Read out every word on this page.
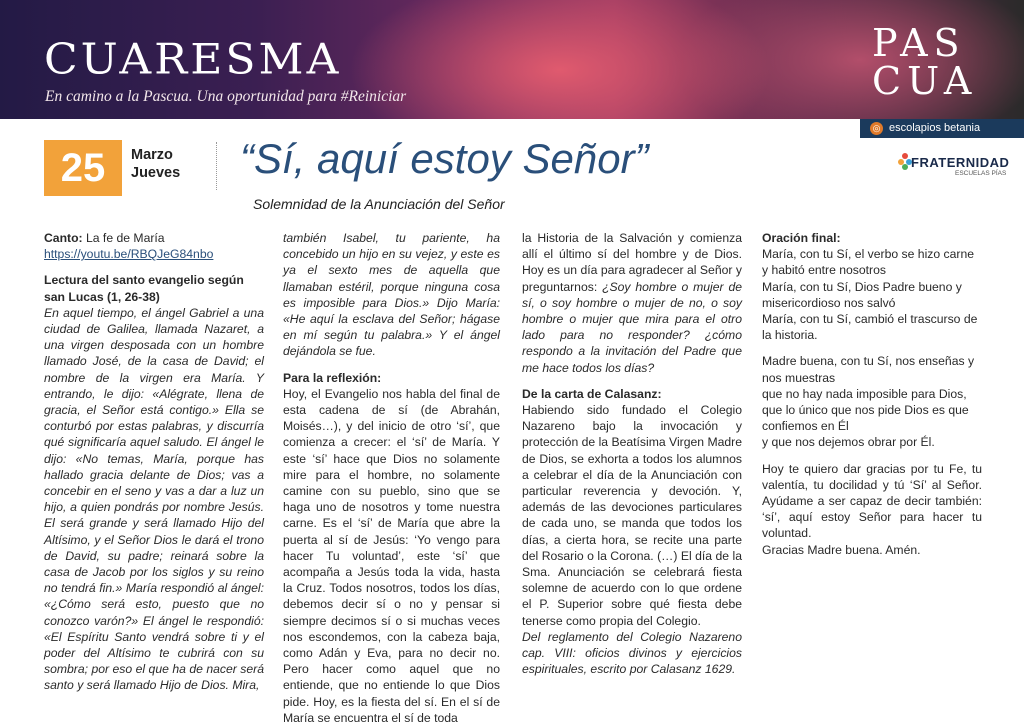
CUARESMA
En camino a la Pascua. Una oportunidad para #Reiniciar
PAS
CUA
◎ escolapios betania
FRATERNIDAD
ESCUELAS PÍAS
25	Marzo
Jueves “Sí, aquí estoy Señor”
Solemnidad de la Anunciación del Señor

Canto: La fe de María

https://youtu.be/RBQJeG84nbo

Lectura del santo evangelio según san Lucas (1, 26-38)

En aquel tiempo, el ángel Gabriel a una ciudad de Galilea, llamada Nazaret, a una virgen desposada con un hombre llamado José, de la casa de David; el nombre de la virgen era María. Y entrando, le dijo: «Alégrate, llena de gracia, el Señor está contigo.» Ella se conturbó por estas palabras, y discurría qué significaría aquel saludo. El ángel le dijo: «No temas, María, porque has hallado gracia delante de Dios; vas a concebir en el seno y vas a dar a luz un hijo, a quien pondrás por nombre Jesús. El será grande y será llamado Hijo del Altísimo, y el Señor Dios le dará el trono de David, su padre; reinará sobre la casa de Jacob por los siglos y su reino no tendrá fin.» María respondió al ángel: «¿Cómo será esto, puesto que no conozco varón?» El ángel le respondió: «El Espíritu Santo vendrá sobre ti y el poder del Altísimo te cubrirá con su sombra; por eso el que ha de nacer será santo y será llamado Hijo de Dios. Mira,

también Isabel, tu pariente, ha concebido un hijo en su vejez, y este es ya el sexto mes de aquella que llamaban estéril, porque ninguna cosa es imposible para Dios.» Dijo María: «He aquí la esclava del Señor; hágase en mí según tu palabra.» Y el ángel dejándola se fue.

Para la reflexión:

Hoy, el Evangelio nos habla del final de esta cadena de sí (de Abrahán, Moisés…), y del inicio de otro ‘sí’, que comienza a crecer: el ‘sí’ de María. Y este ‘sí’ hace que Dios no solamente mire para el hombre, no solamente camine con su pueblo, sino que se haga uno de nosotros y tome nuestra carne. Es el ‘sí’ de María que abre la puerta al sí de Jesús: ‘Yo vengo para hacer Tu voluntad’, este ‘sí’ que acompaña a Jesús toda la vida, hasta la Cruz. Todos nosotros, todos los días, debemos decir sí o no y pensar si siempre decimos sí o si muchas veces nos escondemos, con la cabeza baja, como Adán y Eva, para no decir no. Pero hacer como aquel que no entiende, que no entiende lo que Dios pide. Hoy, es la fiesta del sí. En el sí de María se encuentra el sí de toda

la Historia de la Salvación y comienza allí el último sí del hombre y de Dios. Hoy es un día para agradecer al Señor y preguntarnos: ¿Soy hombre o mujer de sí, o soy hombre o mujer de no, o soy hombre o mujer que mira para el otro lado para no responder? ¿cómo respondo a la invitación del Padre que me hace todos los días?

De la carta de Calasanz:

Habiendo sido fundado el Colegio Nazareno bajo la invocación y protección de la Beatísima Virgen Madre de Dios, se exhorta a todos los alumnos a celebrar el día de la Anunciación con particular reverencia y devoción. Y, además de las devociones particulares de cada uno, se manda que todos los días, a cierta hora, se recite una parte del Rosario o la Corona. (…) El día de la Sma. Anunciación se celebrará fiesta solemne de acuerdo con lo que ordene el P. Superior sobre qué fiesta debe tenerse como propia del Colegio.

Del reglamento del Colegio Nazareno cap. VIII: oficios divinos y ejercicios espirituales, escrito por Calasanz 1629.

Oración final:

María, con tu Sí, el verbo se hizo carne y habitó entre nosotros

María, con tu Sí, Dios Padre bueno y misericordioso nos salvó

María, con tu Sí, cambió el trascurso de la historia.

Madre buena, con tu Sí, nos enseñas y nos muestras

que no hay nada imposible para Dios,

que lo único que nos pide Dios es que confiemos en Él

y que nos dejemos obrar por Él.

Hoy te quiero dar gracias por tu Fe, tu valentía, tu docilidad y tú ‘Sí’ al Señor. Ayúdame a ser capaz de decir también: ‘sí’, aquí estoy Señor para hacer tu voluntad.

Gracias Madre buena. Amén.
